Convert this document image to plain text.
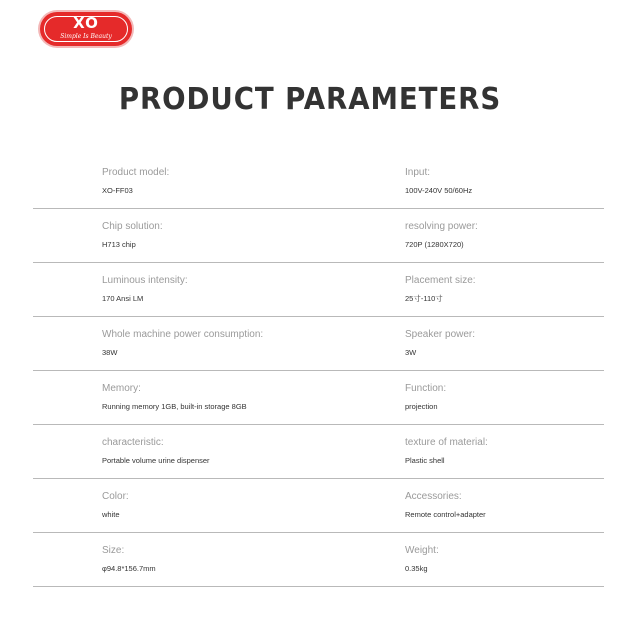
XO
Simple Is Beauty
PRODUCT PARAMETERS
Product model:
XO-FF03
Input:
100V-240V 50/60Hz
Chip solution:
H713 chip
resolving power:
720P (1280X720)
Luminous intensity:
170 Ansi LM
Placement size:
25寸-110寸
Whole machine power consumption:
38W
Speaker power:
3W
Memory:
Running memory 1GB, built-in storage 8GB
Function:
projection
characteristic:
Portable volume urine dispenser
texture of material:
Plastic shell
Color:
white
Accessories:
Remote control+adapter
Size:
φ94.8*156.7mm
Weight:
0.35kg
